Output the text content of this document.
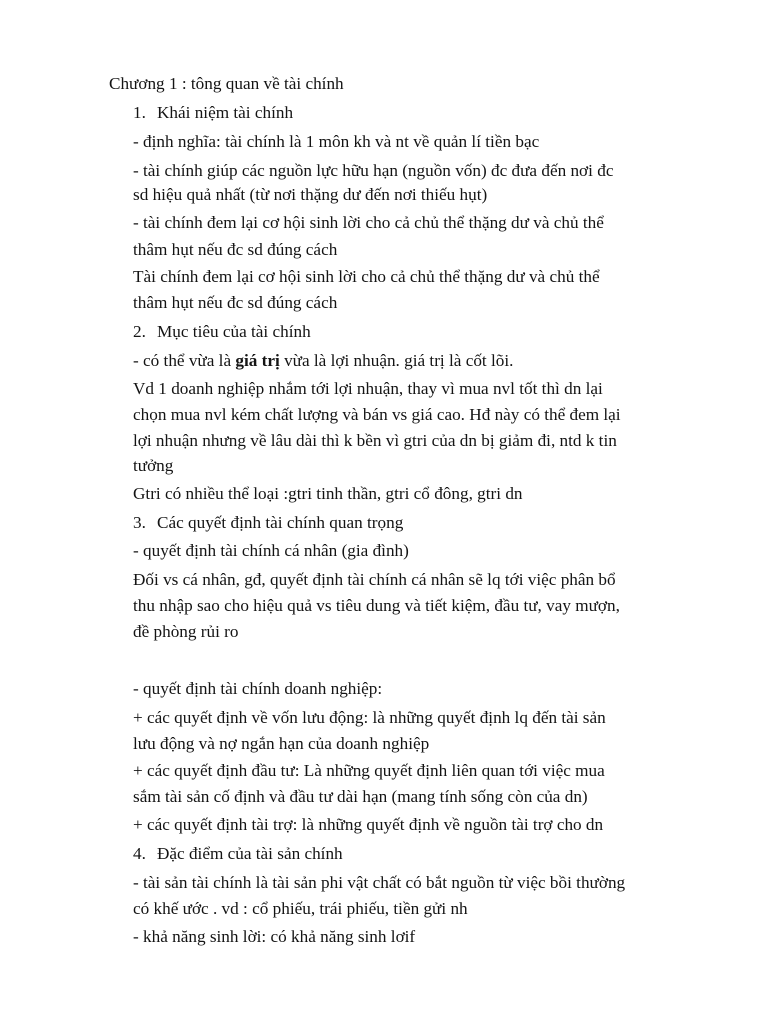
Chương 1 : tông quan về tài chính
1. Khái niệm tài chính
- định nghĩa: tài chính là 1 môn kh và nt về quản lí tiền bạc
- tài chính giúp các nguồn lực hữu hạn (nguồn vốn) đc đưa đến nơi đc
sd hiệu quả nhất (từ nơi thặng dư đến nơi thiếu hụt)
- tài chính đem lại cơ hội sinh lời cho cả chủ thể thặng dư và chủ thể
thâm hụt nếu đc sd đúng cách
Tài chính đem lại cơ hội sinh lời cho cả chủ thể thặng dư và chủ thể
thâm hụt nếu đc sd đúng cách
2. Mục tiêu của tài chính
- có thể vừa là giá trị vừa là lợi nhuận. giá trị là cốt lõi.
Vd 1 doanh nghiệp nhắm tới lợi nhuận, thay vì mua nvl tốt thì dn lại
chọn mua nvl kém chất lượng và bán vs giá cao. Hđ này có thể đem lại
lợi nhuận nhưng về lâu dài thì k bền vì gtri của dn bị giảm đi, ntd k tin
tưởng
Gtri có nhiều thể loại :gtri tinh thần, gtri cổ đông, gtri dn
3. Các quyết định tài chính quan trọng
- quyết định tài chính cá nhân (gia đình)
Đối vs cá nhân, gđ, quyết định tài chính cá nhân sẽ lq tới việc phân bổ
thu nhập sao cho hiệu quả vs tiêu dung và tiết kiệm, đầu tư, vay mượn,
đề phòng rủi ro
- quyết định tài chính doanh nghiệp:
+ các quyết định về vốn lưu động: là những quyết định lq đến tài sản
lưu động và nợ ngắn hạn của doanh nghiệp
+ các quyết định đầu tư: Là những quyết định liên quan tới việc mua
sắm tài sản cố định và đầu tư dài hạn (mang tính sống còn của dn)
+ các quyết định tài trợ: là những quyết định về nguồn tài trợ cho dn
4. Đặc điểm của tài sản chính
- tài sản tài chính là tài sản phi vật chất có bắt nguồn từ việc bồi thường
có khế ước . vd : cổ phiếu, trái phiếu, tiền gửi nh
- khả năng sinh lời: có khả năng sinh lơif
